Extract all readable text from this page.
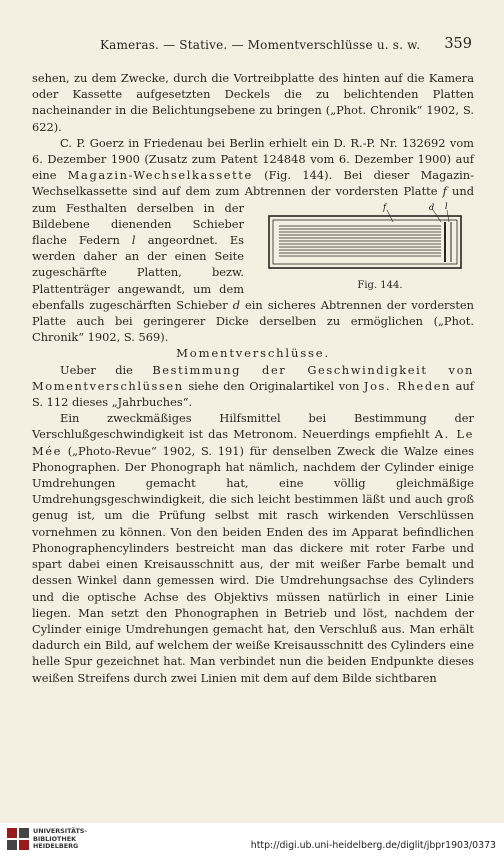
Kameras. — Stative. — Momentverschlüsse u. s. w. 359

sehen, zu dem Zwecke, durch die Vortreibplatte des hinten auf die Kamera oder Kassette aufgesetzten Deckels die zu belichtenden Platten nacheinander in die Belichtungsebene zu bringen („Phot. Chronik“ 1902, S. 622).

C. P. Goerz in Friedenau bei Berlin erhielt ein D. R.-P. Nr. 132692 vom 6. Dezember 1900 (Zusatz zum Patent 124848 vom 6. Dezember 1900) auf eine Magazin-Wechselkassette (Fig. 144). Bei dieser Magazin-Wechselkassette sind auf dem zum Abtrennen der vordersten Platte
f	d l
Fig. 144.
f und zum Festhalten derselben in der Bildebene dienenden Schieber flache Federn l angeordnet. Es werden daher an der einen Seite zugeschärfte Platten, bezw. Plattenträger angewandt, um dem ebenfalls zugeschärften Schieber d ein sicheres Abtrennen der vordersten Platte auch bei geringerer Dicke derselben zu ermöglichen („Phot. Chronik“ 1902, S. 569).

Momentverschlüsse.

Ueber die Bestimmung der Geschwindigkeit von Momentverschlüssen siehe den Originalartikel von Jos. Rheden auf S. 112 dieses „Jahrbuches“.

Ein zweckmäßiges Hilfsmittel bei Bestimmung der Verschlußgeschwindigkeit ist das Metronom. Neuerdings empfiehlt A. Le Mée („Photo-Revue“ 1902, S. 191) für denselben Zweck die Walze eines Phonographen. Der Phonograph hat nämlich, nachdem der Cylinder einige Umdrehungen gemacht hat, eine völlig gleichmäßige Umdrehungsgeschwindigkeit, die sich leicht bestimmen läßt und auch groß genug ist, um die Prüfung selbst mit rasch wirkenden Verschlüssen vornehmen zu können. Von den beiden Enden des im Apparat befindlichen Phonographencylinders bestreicht man das dickere mit roter Farbe und spart dabei einen Kreisausschnitt aus, der mit weißer Farbe bemalt und dessen Winkel dann gemessen wird. Die Umdrehungsachse des Cylinders und die optische Achse des Objektivs müssen natürlich in einer Linie liegen. Man setzt den Phonographen in Betrieb und löst, nachdem der Cylinder einige Umdrehungen gemacht hat, den Verschluß aus. Man erhält dadurch ein Bild, auf welchem der weiße Kreisausschnitt des Cylinders eine helle Spur gezeichnet hat. Man verbindet nun die beiden Endpunkte dieses weißen Streifens durch zwei Linien mit dem auf dem Bilde sichtbaren

UNIVERSITÄTS-
BIBLIOTHEK
HEIDELBERG	http://digi.ub.uni-heidelberg.de/diglit/jbpr1903/0373
